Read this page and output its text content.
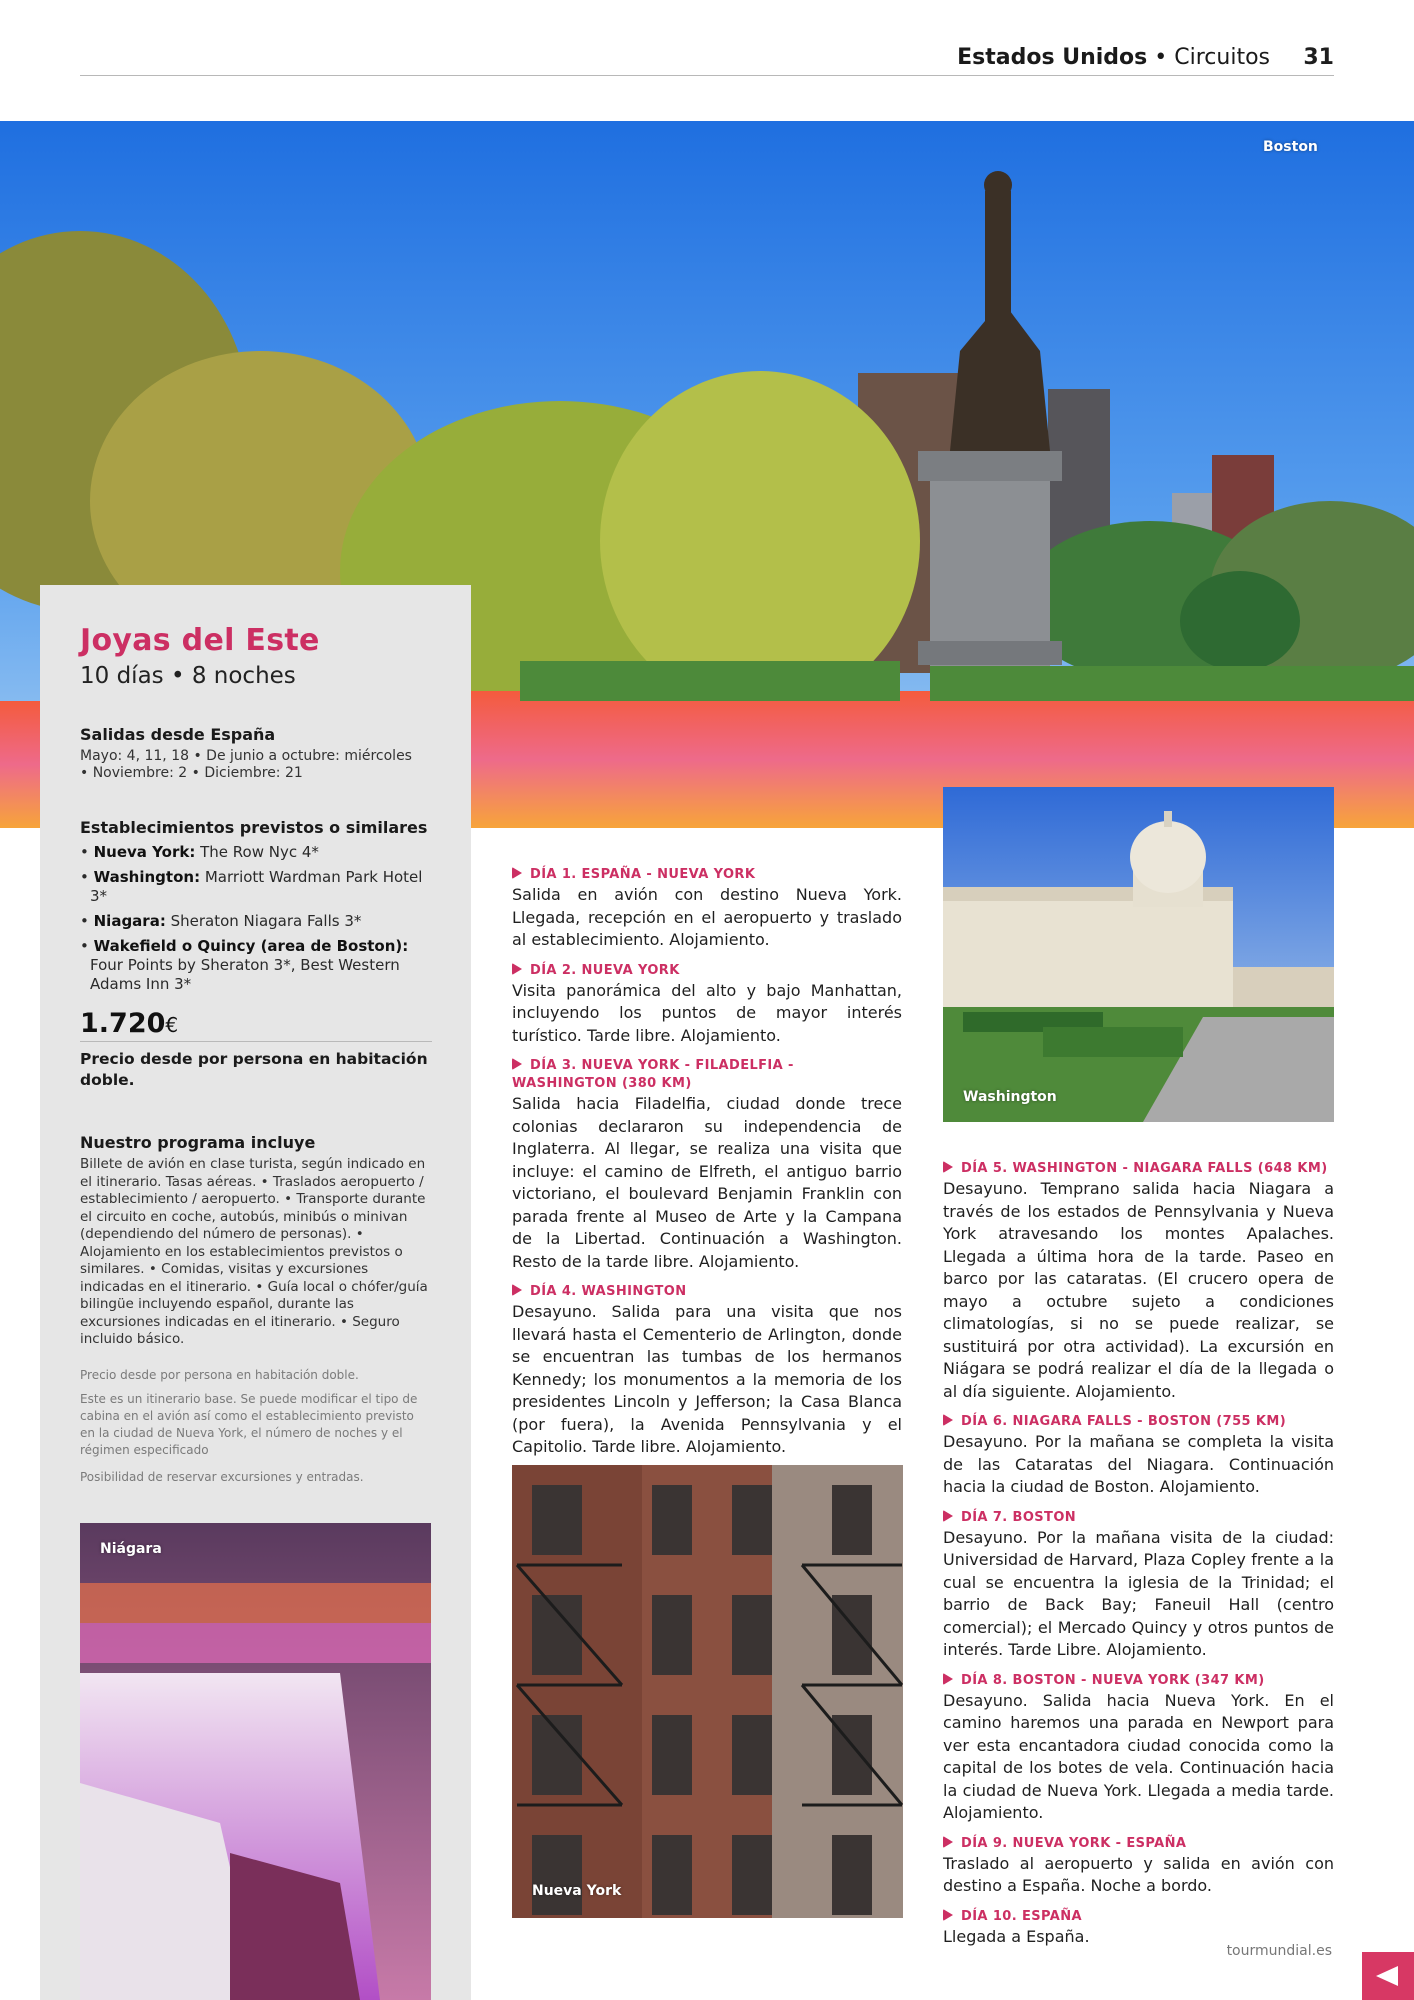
Estados Unidos • Circuitos 31
Boston
Joyas del Este
10 días • 8 noches
Salidas desde España
Mayo: 4, 11, 18 • De junio a octubre: miércoles
• Noviembre: 2 • Diciembre: 21
Establecimientos previstos o similares
• Nueva York: The Row Nyc 4*
• Washington: Marriott Wardman Park Hotel 3*
• Niagara: Sheraton Niagara Falls 3*
• Wakefield o Quincy (area de Boston): Four Points by Sheraton 3*, Best Western Adams Inn 3*
1.720€
Precio desde por persona en habitación doble.
Nuestro programa incluye
Billete de avión en clase turista, según indicado en el itinerario. Tasas aéreas. • Traslados aeropuerto / establecimiento / aeropuerto. • Transporte durante el circuito en coche, autobús, minibús o minivan (dependiendo del número de personas). • Alojamiento en los establecimientos previstos o similares. • Comidas, visitas y excursiones indicadas en el itinerario. • Guía local o chófer/guía bilingüe incluyendo español, durante las excursiones indicadas en el itinerario. • Seguro incluido básico.
Precio desde por persona en habitación doble.
Este es un itinerario base. Se puede modificar el tipo de cabina en el avión así como el establecimiento previsto en la ciudad de Nueva York, el número de noches y el régimen especificado
Posibilidad de reservar excursiones y entradas.
Niágara
DÍA 1. ESPAÑA - NUEVA YORK
Salida en avión con destino Nueva York. Llegada, recepción en el aeropuerto y traslado al establecimiento. Alojamiento.
DÍA 2. NUEVA YORK
Visita panorámica del alto y bajo Manhattan, incluyendo los puntos de mayor interés turístico. Tarde libre. Alojamiento.
DÍA 3. NUEVA YORK - FILADELFIA - WASHINGTON (380 KM)
Salida hacia Filadelfia, ciudad donde trece colonias declararon su independencia de Inglaterra. Al llegar, se realiza una visita que incluye: el camino de Elfreth, el antiguo barrio victoriano, el boulevard Benjamin Franklin con parada frente al Museo de Arte y la Campana de la Libertad. Continuación a Washington. Resto de la tarde libre. Alojamiento.
DÍA 4. WASHINGTON
Desayuno. Salida para una visita que nos llevará hasta el Cementerio de Arlington, donde se encuentran las tumbas de los hermanos Kennedy; los monumentos a la memoria de los presidentes Lincoln y Jefferson; la Casa Blanca (por fuera), la Avenida Pennsylvania y el Capitolio. Tarde libre. Alojamiento.
Nueva York
Washington
DÍA 5. WASHINGTON - NIAGARA FALLS (648 KM)
Desayuno. Temprano salida hacia Niagara a través de los estados de Pennsylvania y Nueva York atravesando los montes Apalaches. Llegada a última hora de la tarde. Paseo en barco por las cataratas. (El crucero opera de mayo a octubre sujeto a condiciones climatologías, si no se puede realizar, se sustituirá por otra actividad). La excursión en Niágara se podrá realizar el día de la llegada o al día siguiente. Alojamiento.
DÍA 6. NIAGARA FALLS - BOSTON (755 KM)
Desayuno. Por la mañana se completa la visita de las Cataratas del Niagara. Continuación hacia la ciudad de Boston. Alojamiento.
DÍA 7. BOSTON
Desayuno. Por la mañana visita de la ciudad: Universidad de Harvard, Plaza Copley frente a la cual se encuentra la iglesia de la Trinidad; el barrio de Back Bay; Faneuil Hall (centro comercial); el Mercado Quincy y otros puntos de interés. Tarde Libre. Alojamiento.
DÍA 8. BOSTON - NUEVA YORK (347 KM)
Desayuno. Salida hacia Nueva York. En el camino haremos una parada en Newport para ver esta encantadora ciudad conocida como la capital de los botes de vela. Continuación hacia la ciudad de Nueva York. Llegada a media tarde. Alojamiento.
DÍA 9. NUEVA YORK - ESPAÑA
Traslado al aeropuerto y salida en avión con destino a España. Noche a bordo.
DÍA 10. ESPAÑA
Llegada a España.
tourmundial.es
